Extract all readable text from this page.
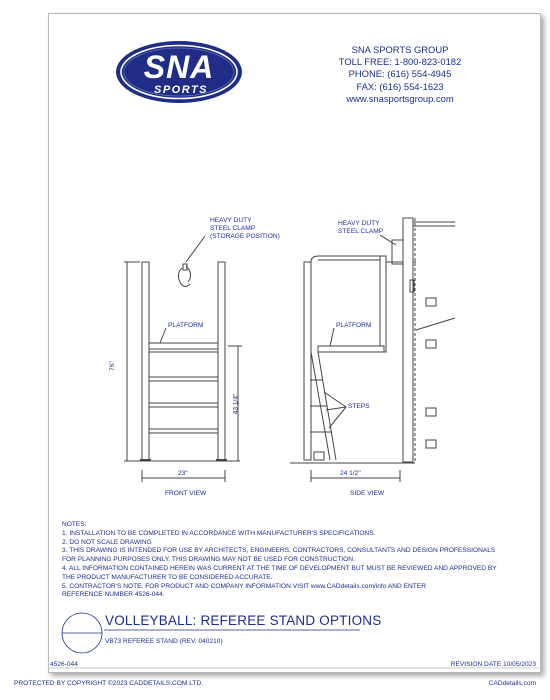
SNA
SPORTS
SNA SPORTS GROUP
TOLL FREE: 1-800-823-0182
PHONE: (616) 554-4945
FAX: (616) 554-1623
www.snasportsgroup.com
HEAVY DUTY
STEEL CLAMP
(STORAGE POSITION)
PLATFORM
76"
43 1/4"
23"
FRONT VIEW
HEAVY DUTY
STEEL CLAMP
PLATFORM
STEPS
24 1/2"
SIDE VIEW
NOTES:
1. INSTALLATION TO BE COMPLETED IN ACCORDANCE WITH MANUFACTURER'S SPECIFICATIONS.
2. DO NOT SCALE DRAWING
3. THIS DRAWING IS INTENDED FOR USE BY ARCHITECTS, ENGINEERS, CONTRACTORS, CONSULTANTS AND DESIGN PROFESSIONALS
FOR PLANNING PURPOSES ONLY. THIS DRAWING MAY NOT BE USED FOR CONSTRUCTION.
4. ALL INFORMATION CONTAINED HEREIN WAS CURRENT AT THE TIME OF DEVELOPMENT BUT MUST BE REVIEWED AND APPROVED BY
THE PRODUCT MANUFACTURER TO BE CONSIDERED ACCURATE.
5. CONTRACTOR'S NOTE: FOR PRODUCT AND COMPANY INFORMATION VISIT www.CADdetails.com/info AND ENTER
REFERENCE NUMBER 4526-044.
VOLLEYBALL: REFEREE STAND OPTIONS
VB73 REFEREE STAND (REV. 040210)
4526-044	REVISION DATE 10/05/2023
PROTECTED BY COPYRIGHT ©2023 CADDETAILS.COM LTD.	CADdetails.com
